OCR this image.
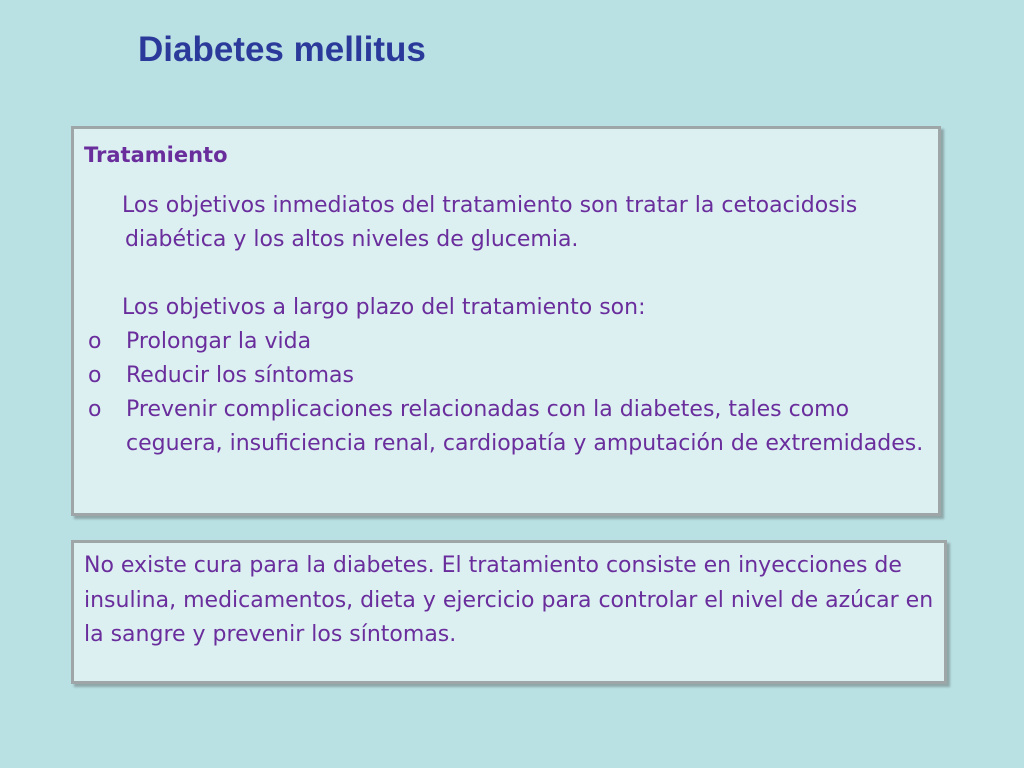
Diabetes mellitus
Tratamiento

Los objetivos inmediatos del tratamiento son tratar la cetoacidosis diabética y los altos niveles de glucemia.

Los objetivos a largo plazo del tratamiento son:

o	Prolongar la vida
o	Reducir los síntomas
o	Prevenir complicaciones relacionadas con la diabetes, tales como ceguera, insuficiencia renal, cardiopatía y amputación de extremidades.

No existe cura para la diabetes. El tratamiento consiste en inyecciones de insulina, medicamentos, dieta y ejercicio para controlar el nivel de azúcar en la sangre y prevenir los síntomas.
